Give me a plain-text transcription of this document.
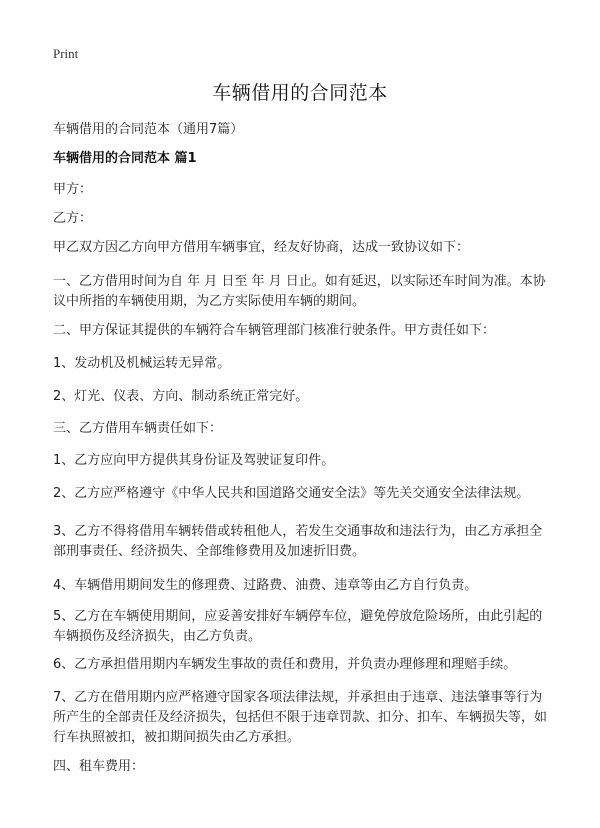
Print
车辆借用的合同范本

车辆借用的合同范本（通用7篇）

车辆借用的合同范本 篇1

甲方：

乙方：

甲乙双方因乙方向甲方借用车辆事宜，经友好协商，达成一致协议如下：

一、乙方借用时间为自 年 月 日至 年 月 日止。如有延迟，以实际还车时间为准。本协议中所指的车辆使用期，为乙方实际使用车辆的期间。

二、甲方保证其提供的车辆符合车辆管理部门核准行驶条件。甲方责任如下：

1、发动机及机械运转无异常。

2、灯光、仪表、方向、制动系统正常完好。

三、乙方借用车辆责任如下：

1、乙方应向甲方提供其身份证及驾驶证复印件。

2、乙方应严格遵守《中华人民共和国道路交通安全法》等先关交通安全法律法规。

3、乙方不得将借用车辆转借或转租他人，若发生交通事故和违法行为，由乙方承担全部刑事责任、经济损失、全部维修费用及加速折旧费。

4、车辆借用期间发生的修理费、过路费、油费、违章等由乙方自行负责。

5、乙方在车辆使用期间，应妥善安排好车辆停车位，避免停放危险场所，由此引起的车辆损伤及经济损失，由乙方负责。

6、乙方承担借用期内车辆发生事故的责任和费用，并负责办理修理和理赔手续。

7、乙方在借用期内应严格遵守国家各项法律法规，并承担由于违章、违法肇事等行为所产生的全部责任及经济损失，包括但不限于违章罚款、扣分、扣车、车辆损失等，如行车执照被扣，被扣期间损失由乙方承担。

四、租车费用：
